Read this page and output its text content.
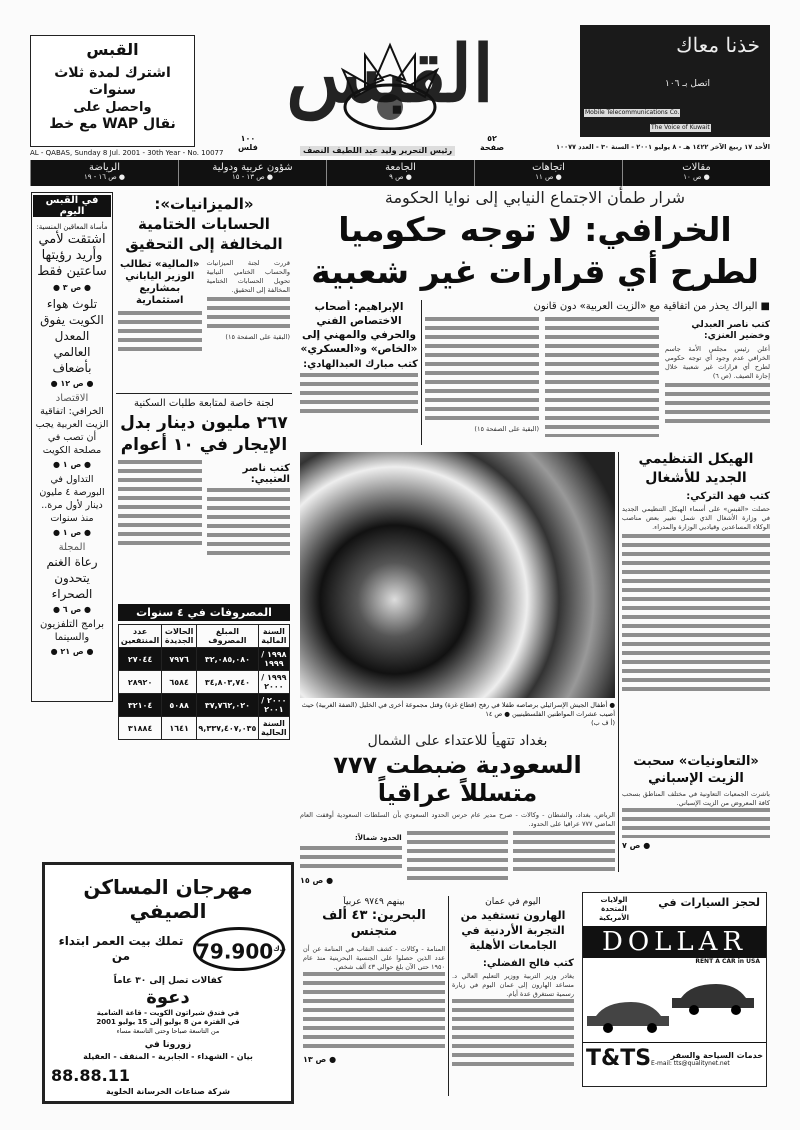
القبس
اشترك لمدة ثلاث سنوات
واحصل على
نقال WAP مع خط
القبس
١٠٠
فلس
٥٢
صفحة
رئيس التحرير وليد عبد اللطيف النصف
خذنا معاك
اتصل بـ ١٠٦
Mobile Telecommunications Co.
The Voice of Kuwait
AL - QABAS, Sunday 8 Jul. 2001 - 30th Year - No. 10077
الأحد ١٧ ربيع الآخر ١٤٢٢ هـ - ٨ يوليو ٢٠٠١ - السنة ٣٠ - العدد ١٠٠٧٧
مقالات
● ص ١٠
اتجاهات
● ص ١١
الجامعة
● ص ٩
شؤون عربية ودولية
● ص ١٣ - ١٥
الرياضة
● ص ١٦ - ١٩
في القبس اليوم

مأساة المعاقين المنسية:

اشتقت لأمي وأريد رؤيتها ساعتين فقط

● ص ٣ ●

تلوث هواء الكويت يفوق المعدل العالمي بأضعاف

● ص ١٢ ●

الاقتصاد

الخرافي: اتفاقية الزيت العربية يجب أن تصب في مصلحة الكويت

● ص ١ ●

التداول في البورصة ٤ مليون دينار لأول مرة.. منذ سنوات

● ص ١ ●

المجلة

رعاة الغنم يتحدون الصحراء

● ص ٦ ●

برامج التلفزيون والسينما

● ص ٢١ ●

«الميزانيات»: الحسابات الختامية المخالفة إلى التحقيق
قررت لجنة الميزانيات والحساب الختامي النيابية تحويل الحسابات الختامية المخالفة إلى التحقيق.
(البقية على الصفحة ١٥)
«المالية» تطالب الوزير الياباني بمشاريع استثمارية
لجنة خاصة لمتابعة طلبات السكنية
٢٦٧ مليون دينار بدل الإيجار في ١٠ أعوام
كتب ناصر العتيبي:
المصروفات في ٤ سنوات
السنة المالية	المبلغ المصروف	الحالات الجديدة	عدد المنتفعين
١٩٩٨ / ١٩٩٩	٣٢,٠٨٥,٠٨٠	٧٩٧٦	٢٧٠٤٤
١٩٩٩ / ٢٠٠٠	٣٤,٨٠٣,٧٤٠	٦٥٨٤	٢٨٩٢٠
٢٠٠٠ / ٢٠٠١	٣٧,٧٦٢,٠٢٠	٥٠٨٨	٣٢١٠٤
السنة الحالية	٩,٣٣٧,٤٠٧,٠٣٥	١٦٤١	٣١٨٨٤
شرار طمأن الاجتماع النيابي إلى نوايا الحكومة
الخرافي: لا توجه حكوميا لطرح أي قرارات غير شعبية
الإبراهيم: أصحاب الاختصاص الفني والحرفي والمهني إلى «الخاص» و«العسكري»
كتب مبارك العبدالهادي:
■ البراك يحذر من اتفاقية مع «الزيت العربية» دون قانون
كتب ناصر العبدلي وخضير العنزي:
أعلن رئيس مجلس الأمة جاسم الخرافي عدم وجود أي توجه حكومي لطرح أي قرارات غير شعبية خلال إجازة الصيف. (ص ٦)
(البقية على الصفحة ١٥)
● أطفال الجيش الإسرائيلي برصاصه طفلا في رفح (قطاع غزة) وقتل مجموعة أخرى في الخليل (الضفة الغربية) حيث أصيب عشرات المواطنين الفلسطينيين ● ص ١٤
(أ ف ب)
الهيكل التنظيمي الجديد للأشغال
كتب فهد التركي:
حصلت «القبس» على أسماء الهيكل التنظيمي الجديد في وزارة الأشغال الذي شمل تغيير بعض مناصب الوكلاء المساعدين وقياديي الوزارة والمدراء.
«التعاونيات» سحبت الزيت الإسباني
باشرت الجمعيات التعاونية في مختلف المناطق بسحب كافة المعروض من الزيت الإسباني.
● ص ٧
بغداد تتهيأ للاعتداء على الشمال
السعودية ضبطت ٧٧٧ متسللاً عراقياً
الرياض، بغداد، والشطان - وكالات - صرح مدير عام حرس الحدود السعودي بأن السلطات السعودية أوقفت العام الماضي ٧٧٧ عراقيا على الحدود.
الحدود شمالاً:
● ص ١٥
مهرجان المساكن الصيفي
$79.900^{د.ك}$
تملك بيت العمر ابتداء من
كفالات تصل إلى ٣٠ عاماً
دعوة
في فندق شيراتون الكويت - قاعة الشامية
في الفترة من 8 يوليو إلى 15 يوليو 2001
من التاسعة صباحا وحتى التاسعة مساء
زورونا في
بيان - الشهداء - الجابرية - المنقف - العقيلة
88.88.11
شركة صناعات الخرسانة الخلوية
بينهم ٩٧٤٩ عربياً
البحرين: ٤٣ ألف متجنس
المنامة - وكالات - كشف النقاب في المنامة عن أن عدد الذين حصلوا على الجنسية البحرينية منذ عام ١٩٥٠ حتى الآن بلغ حوالي ٤٣ ألف شخص.
● ص ١٣
اليوم في عمان
الهارون تستفيد من التجربة الأردنية في الجامعات الأهلية
كتب فالح الفضلي:
يغادر وزير التربية ووزير التعليم العالي د. مساعد الهارون إلى عمان اليوم في زيارة رسمية تستغرق عدة أيام.
لحجز السيارات في
الولايات المتحدة الأمريكية
DOLLAR
RENT A CAR in USA
خدمات السياحة والسفر
E-mail: tts@qualitynet.net
T&TS
